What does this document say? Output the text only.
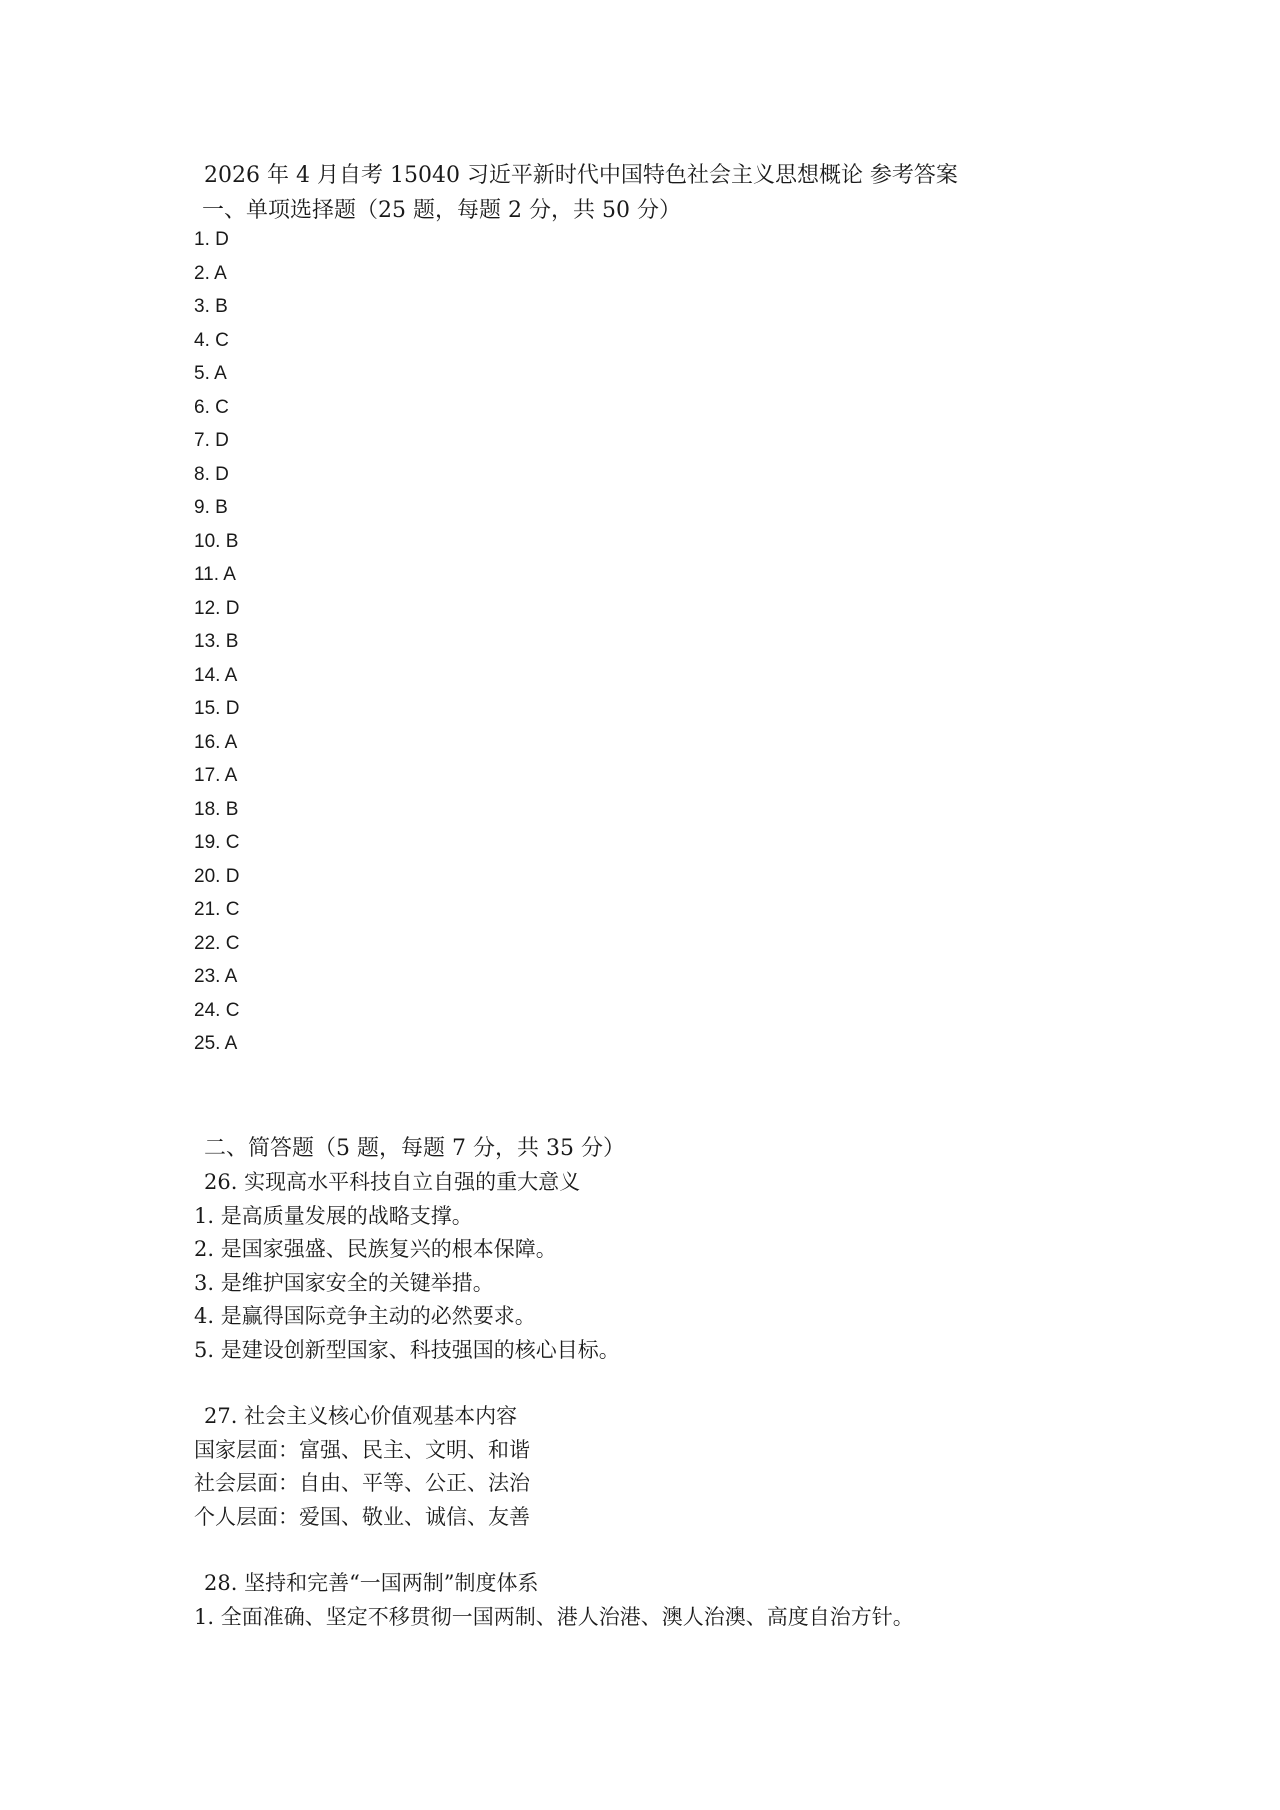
2026 年 4 月自考 15040 习近平新时代中国特色社会主义思想概论 参考答案
一、单项选择题（25 题，每题 2 分，共 50 分）
1. D
2. A
3. B
4. C
5. A
6. C
7. D
8. D
9. B
10. B
11. A
12. D
13. B
14. A
15. D
16. A
17. A
18. B
19. C
20. D
21. C
22. C
23. A
24. C
25. A
二、简答题（5 题，每题 7 分，共 35 分）
26. 实现高水平科技自立自强的重大意义
1. 是高质量发展的战略支撑。
2. 是国家强盛、民族复兴的根本保障。
3. 是维护国家安全的关键举措。
4. 是赢得国际竞争主动的必然要求。
5. 是建设创新型国家、科技强国的核心目标。
27. 社会主义核心价值观基本内容
国家层面：富强、民主、文明、和谐
社会层面：自由、平等、公正、法治
个人层面：爱国、敬业、诚信、友善
28. 坚持和完善“一国两制”制度体系
1. 全面准确、坚定不移贯彻一国两制、港人治港、澳人治澳、高度自治方针。
